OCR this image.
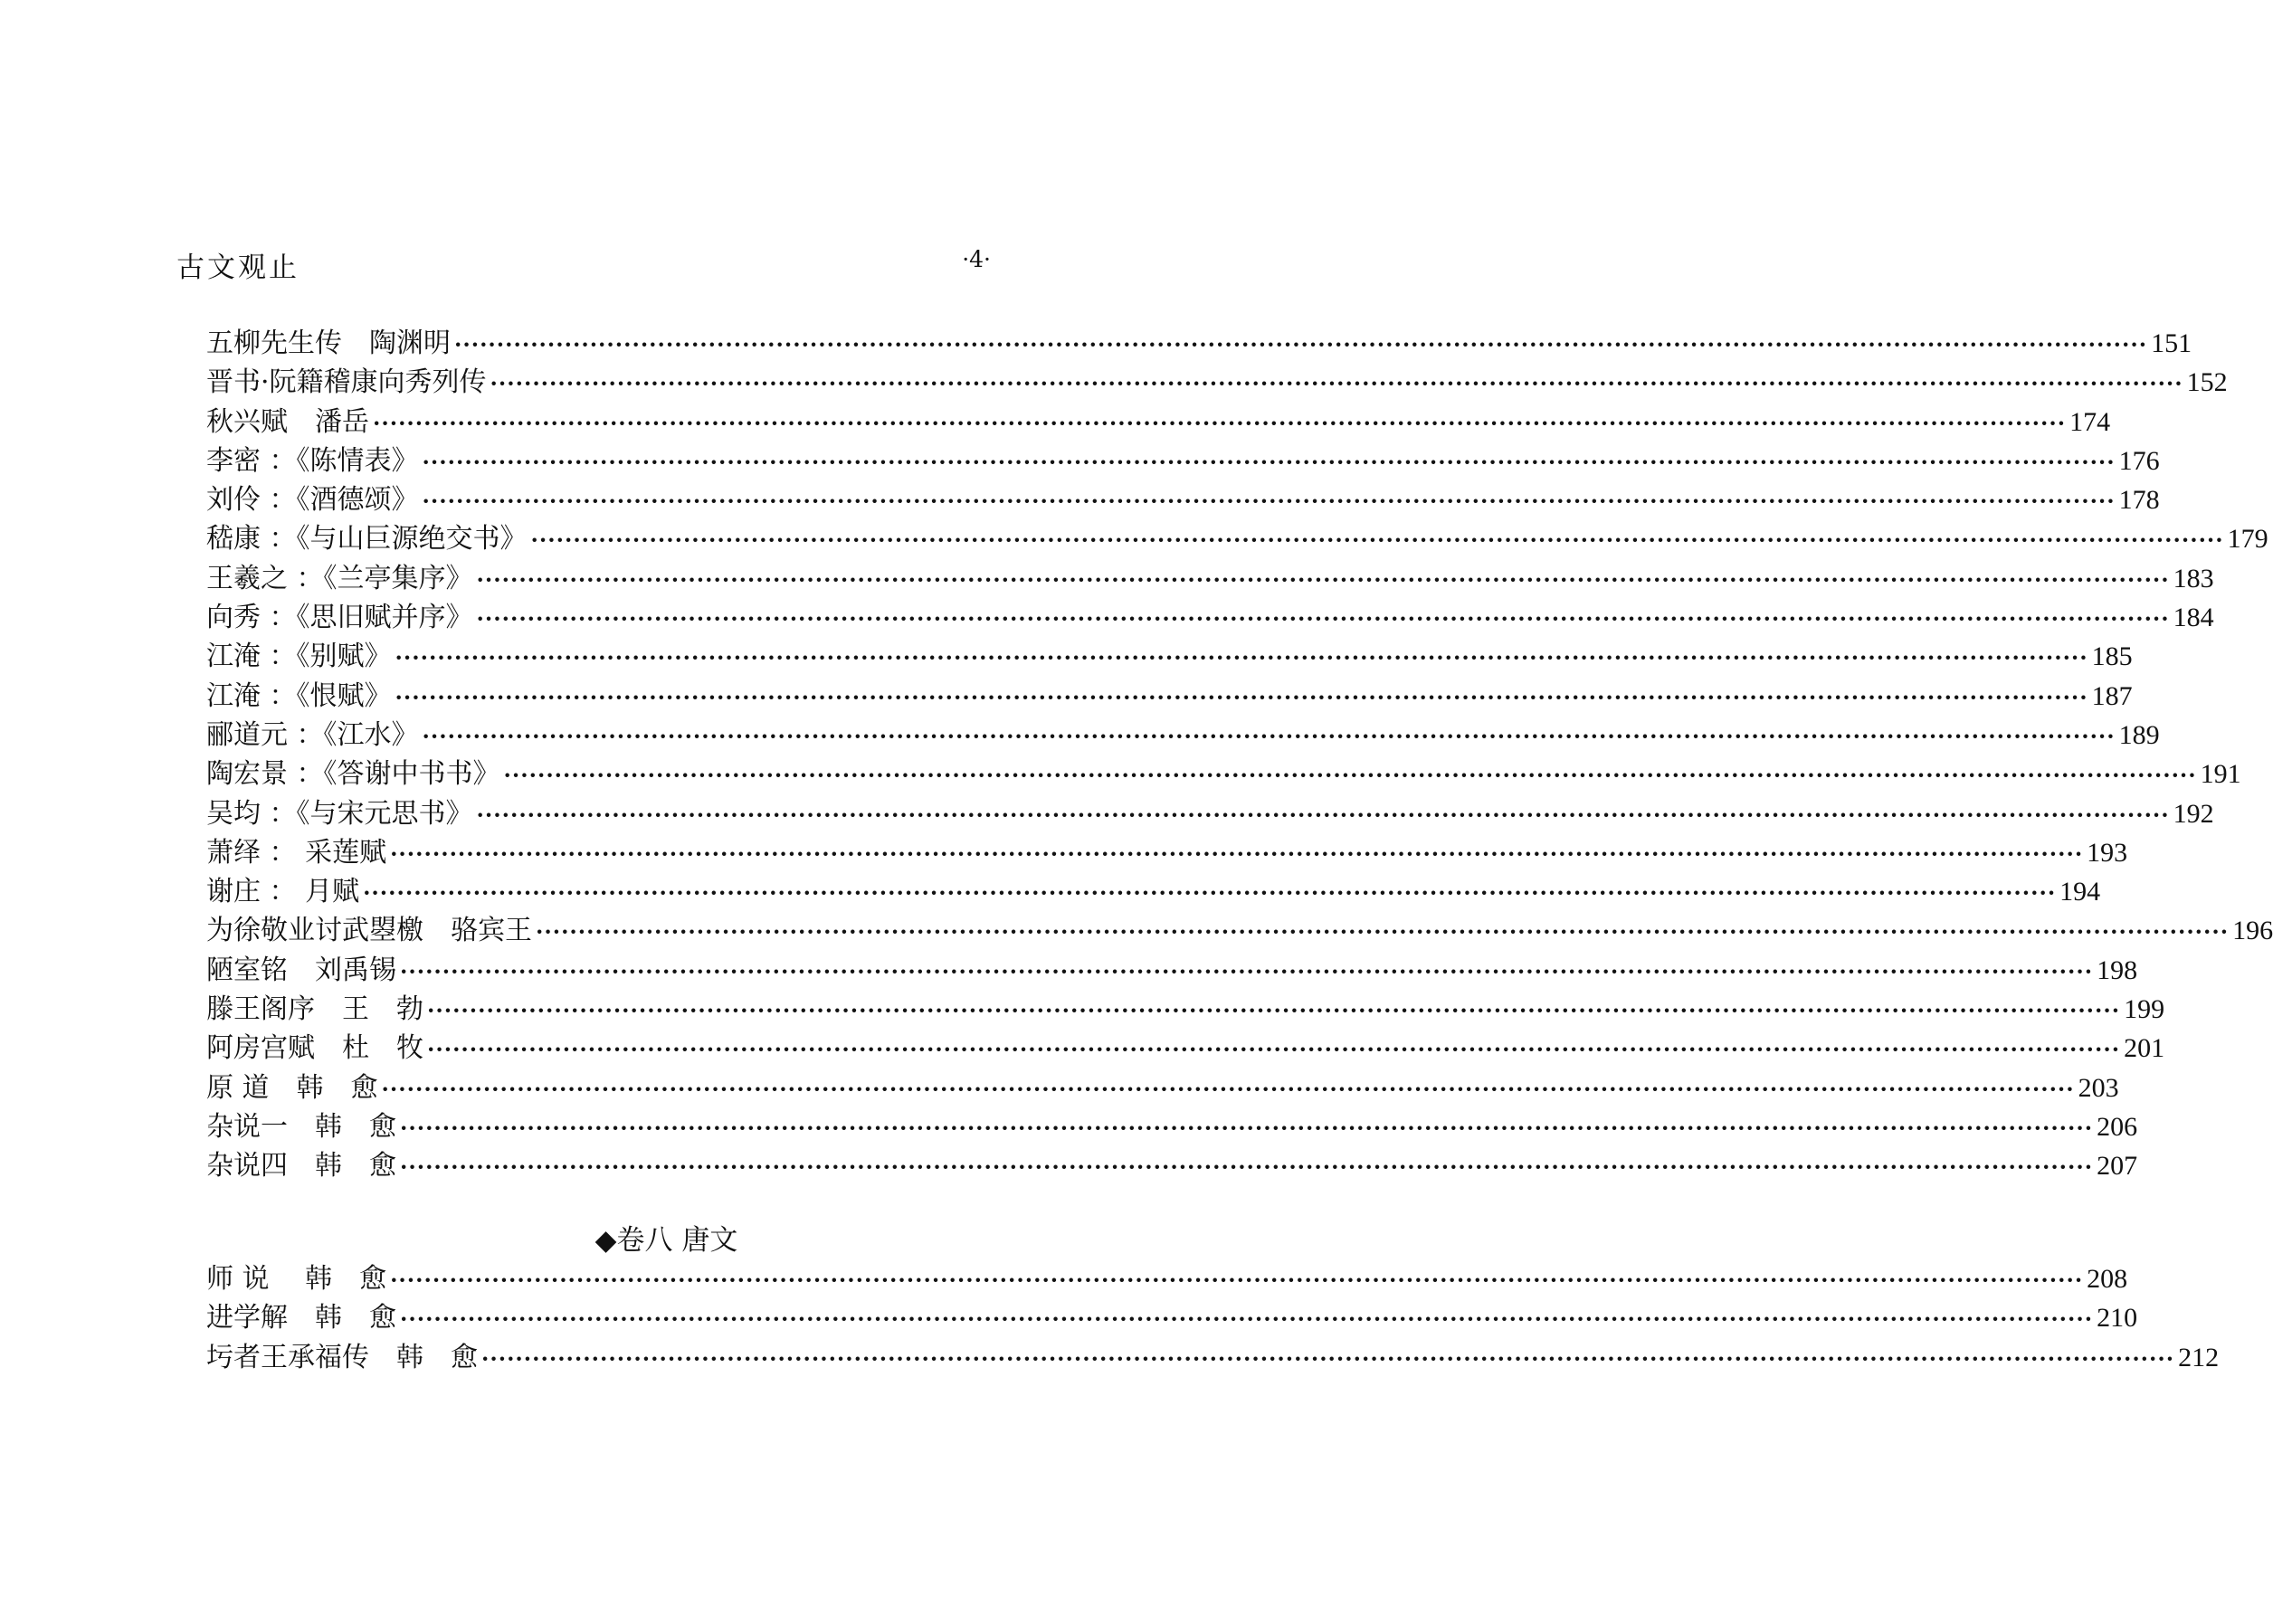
古文观止	·4·
五柳先生传　陶渊明 ········································································································································································································ 151
晋书·阮籍稽康向秀列传 ········································································································································································································ 152
秋兴赋　潘岳 ········································································································································································································ 174
李密 ：《陈情表》 ········································································································································································································ 176
刘伶 ：《酒德颂》 ········································································································································································································ 178
嵇康 ：《与山巨源绝交书》 ········································································································································································································ 179
王羲之 ：《兰亭集序》 ········································································································································································································ 183
向秀 ：《思旧赋并序》 ········································································································································································································ 184
江淹 ：《别赋》 ········································································································································································································ 185
江淹 ：《恨赋》 ········································································································································································································ 187
郦道元 ：《江水》 ········································································································································································································ 189
陶宏景 ：《答谢中书书》 ········································································································································································································ 191
吴均 ：《与宋元思书》 ········································································································································································································ 192
萧绎 ： 采莲赋 ········································································································································································································ 193
谢庄 ： 月赋 ········································································································································································································ 194
为徐敬业讨武曌檄　骆宾王 ········································································································································································································ 196
陋室铭　刘禹锡 ········································································································································································································ 198
滕王阁序　王　勃 ········································································································································································································ 199
阿房宫赋　杜　牧 ········································································································································································································ 201
原 道　韩　愈 ········································································································································································································ 203
杂说一　韩　愈 ········································································································································································································ 206
杂说四　韩　愈 ········································································································································································································ 207
◆卷八 唐文
师 说　 韩　愈 ········································································································································································································ 208
进学解　韩　愈 ········································································································································································································ 210
圬者王承福传　韩　愈 ········································································································································································································ 212
